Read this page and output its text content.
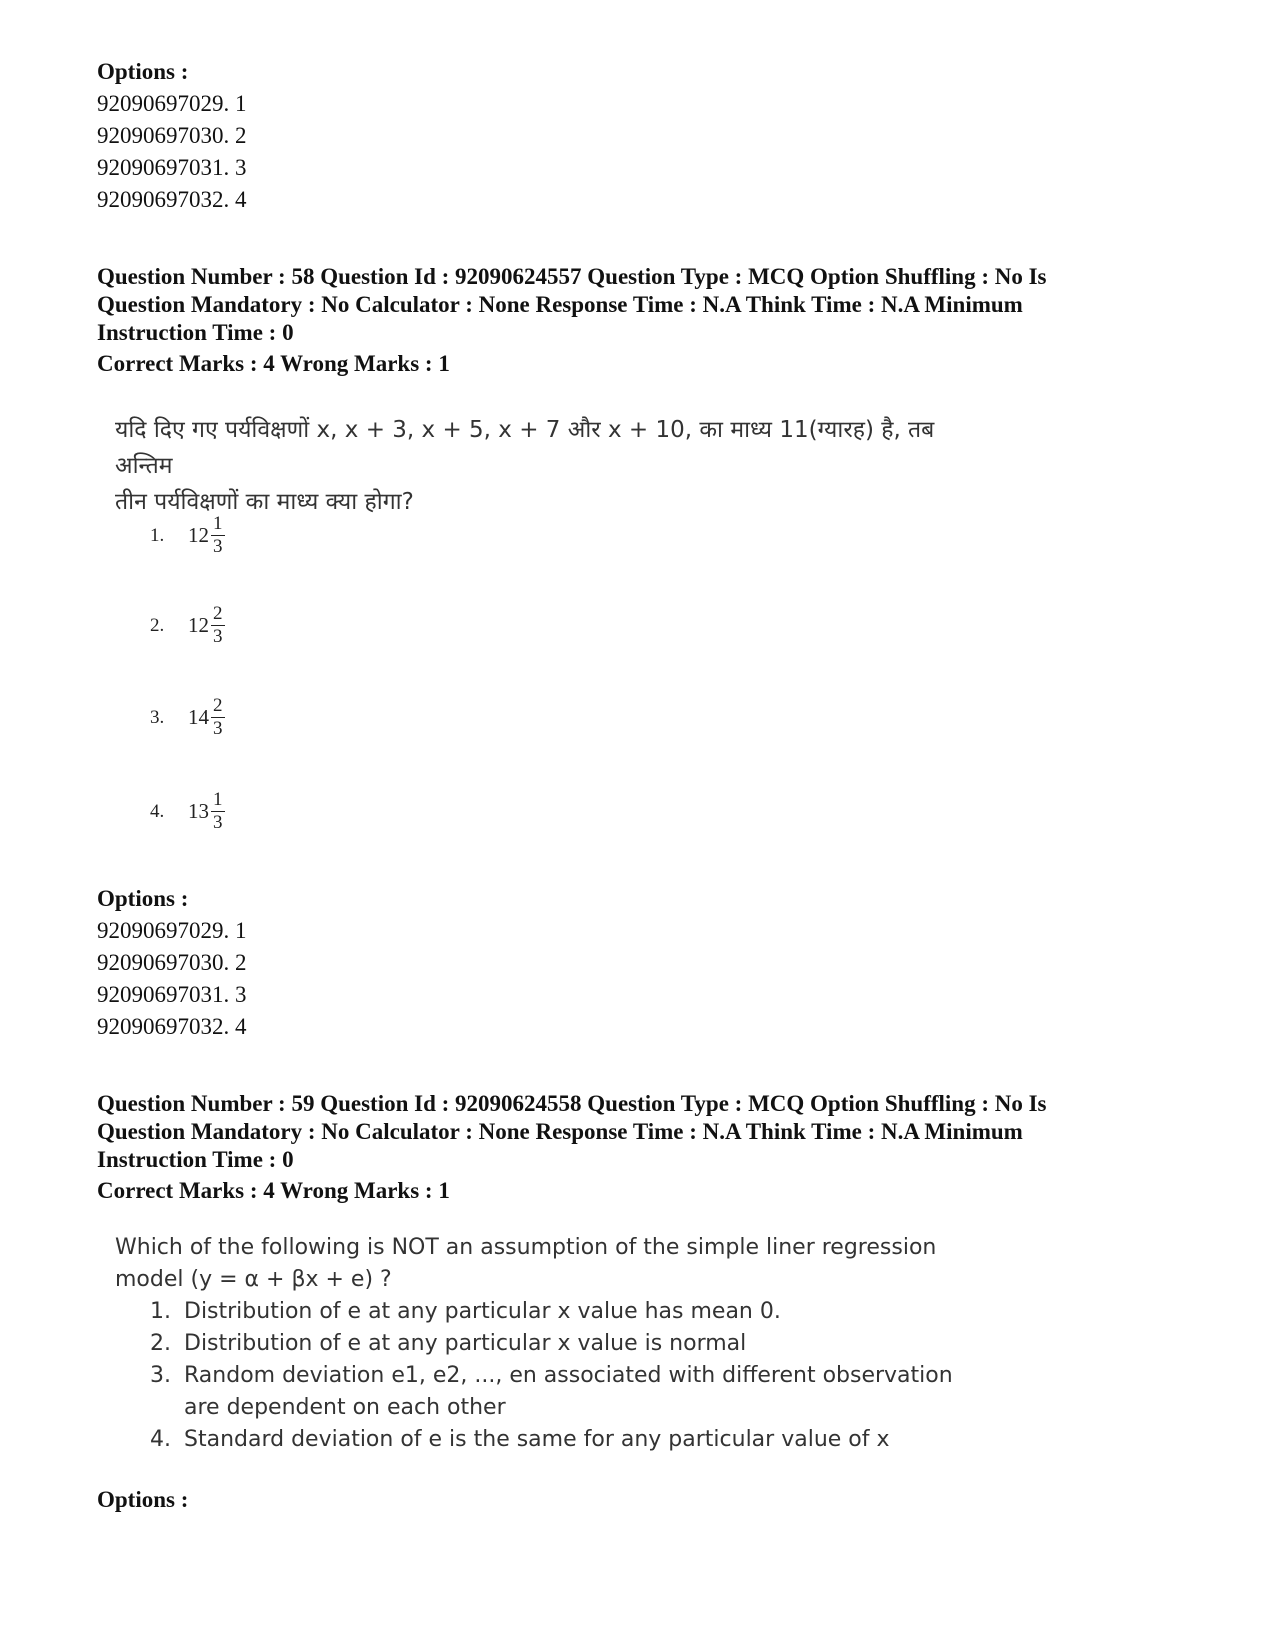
Options :
92090697029. 1
92090697030. 2
92090697031. 3
92090697032. 4
Question Number : 58 Question Id : 92090624557 Question Type : MCQ Option Shuffling : No Is
Question Mandatory : No Calculator : None Response Time : N.A Think Time : N.A Minimum
Instruction Time : 0
Correct Marks : 4 Wrong Marks : 1
यदि दिए गए पर्यविक्षणों x, x + 3, x + 5, x + 7 और x + 10, का माध्य 11(ग्यारह) है, तब अन्तिम
तीन पर्यविक्षणों का माध्य क्या होगा?
1.	$12 \frac{1}{3}$
2.	$12 \frac{2}{3}$
3.	$14 \frac{2}{3}$
4.	$13 \frac{1}{3}$
Options :
92090697029. 1
92090697030. 2
92090697031. 3
92090697032. 4
Question Number : 59 Question Id : 92090624558 Question Type : MCQ Option Shuffling : No Is
Question Mandatory : No Calculator : None Response Time : N.A Think Time : N.A Minimum
Instruction Time : 0
Correct Marks : 4 Wrong Marks : 1
Which of the following is NOT an assumption of the simple liner regression
model (y = α + βx + e) ?
1. Distribution of e at any particular x value has mean 0.
2. Distribution of e at any particular x value is normal
3. Random deviation e1, e2, ..., en associated with different observation
are dependent on each other
4. Standard deviation of e is the same for any particular value of x
Options :
